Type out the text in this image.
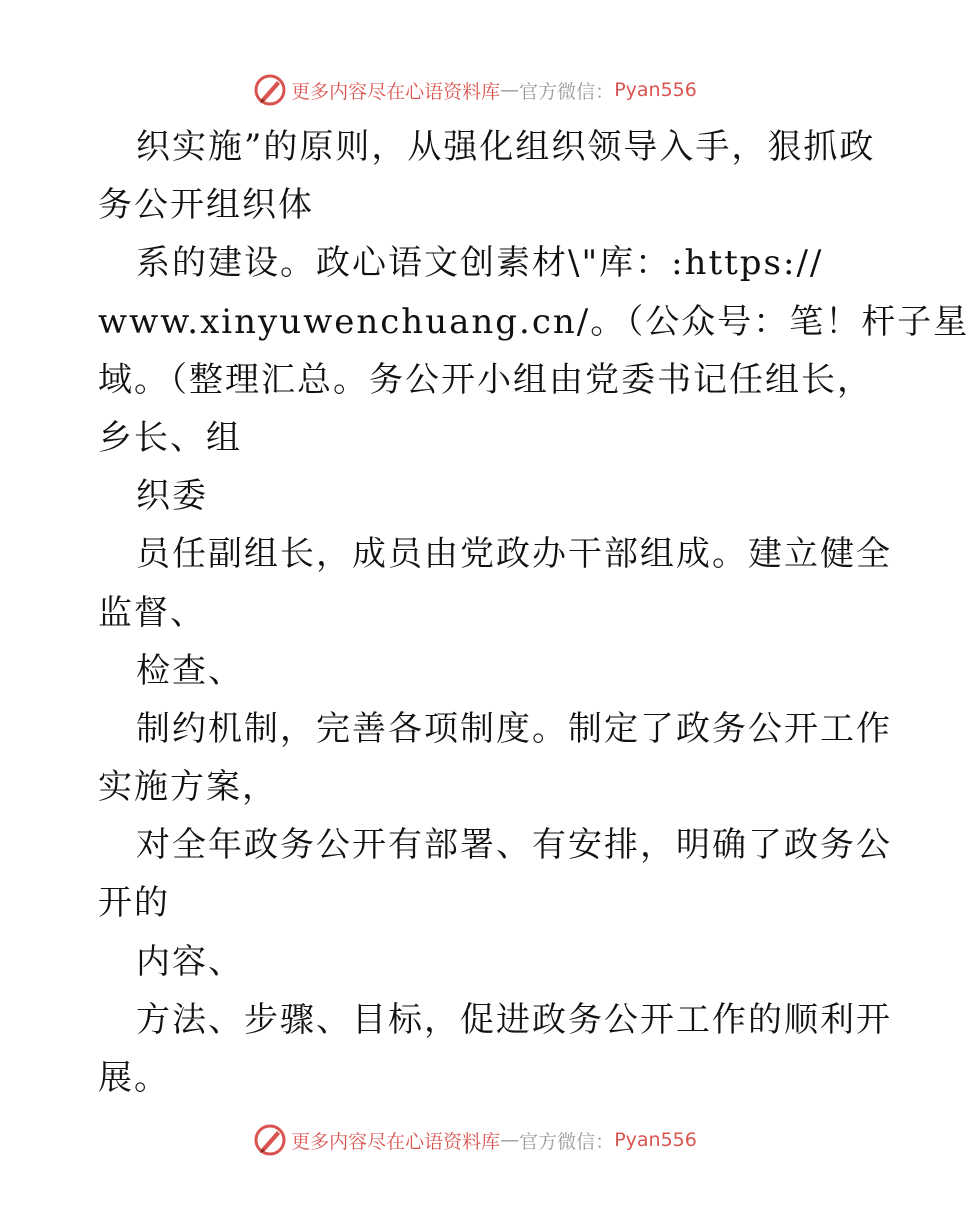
更多内容尽在心语资料库 — 官方微信： Pyan556
织实施”的原则，从强化组织领导入手，狠抓政
务公开组织体
系的建设。政心语文创素材\"库：:https://
www.xinyuwenchuang.cn/。（公众号：笔！杆子星
域。（整理汇总。务公开小组由党委书记任组长，
乡长、组
织委
员任副组长，成员由党政办干部组成。建立健全
监督、
检查、
制约机制，完善各项制度。制定了政务公开工作
实施方案，
对全年政务公开有部署、有安排，明确了政务公
开的
内容、
方法、步骤、目标，促进政务公开工作的顺利开
展。
更多内容尽在心语资料库 — 官方微信： Pyan556
